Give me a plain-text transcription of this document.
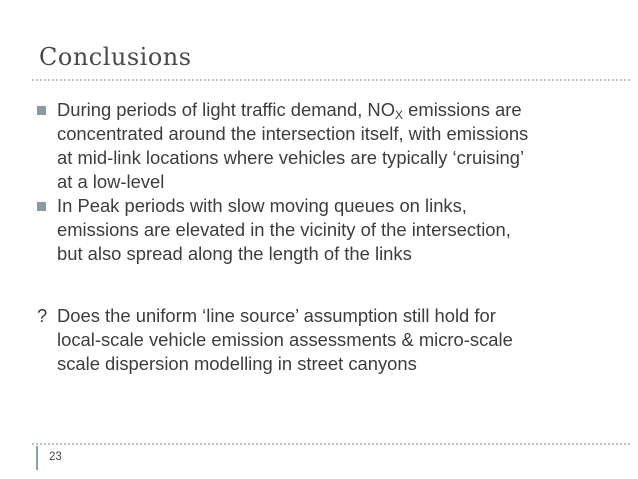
Conclusions
During periods of light traffic demand, $NO_X$ emissions are
concentrated around the intersection itself, with emissions
at mid-link locations where vehicles are typically ‘cruising’
at a low-level
In Peak periods with slow moving queues on links,
emissions are elevated in the vicinity of the intersection,
but also spread along the length of the links
? Does the uniform ‘line source’ assumption still hold for
local-scale vehicle emission assessments & micro-scale
scale dispersion modelling in street canyons
23
